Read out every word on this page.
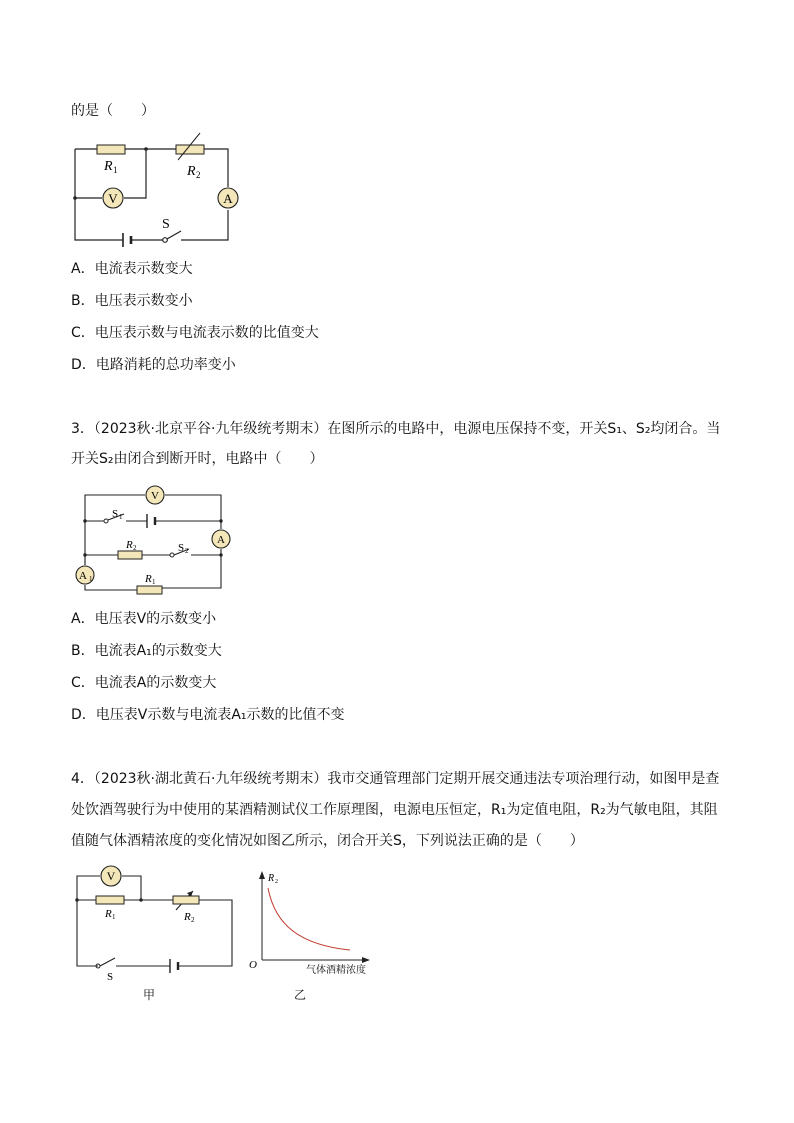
的是（　　）
V	A
R 1	R 2
S
A．电流表示数变大
B．电压表示数变小
C．电压表示数与电流表示数的比值变大
D．电路消耗的总功率变小
3．（2023秋·北京平谷·九年级统考期末）在图所示的电路中，电源电压保持不变，开关S₁、S₂均闭合。当
开关S₂由闭合到断开时，电路中（　　）
V
A
A 1
S 1
S 2
R 2
R 1
A．电压表V的示数变小
B．电流表A₁的示数变大
C．电流表A的示数变大
D．电压表V示数与电流表A₁示数的比值不变
4．（2023秋·湖北黄石·九年级统考期末）我市交通管理部门定期开展交通违法专项治理行动，如图甲是查
处饮酒驾驶行为中使用的某酒精测试仪工作原理图，电源电压恒定，R₁为定值电阻，R₂为气敏电阻，其阻
值随气体酒精浓度的变化情况如图乙所示，闭合开关S，下列说法正确的是（　　）
V
R 1	R 2
S
甲
R 2
O	气体酒精浓度
乙
